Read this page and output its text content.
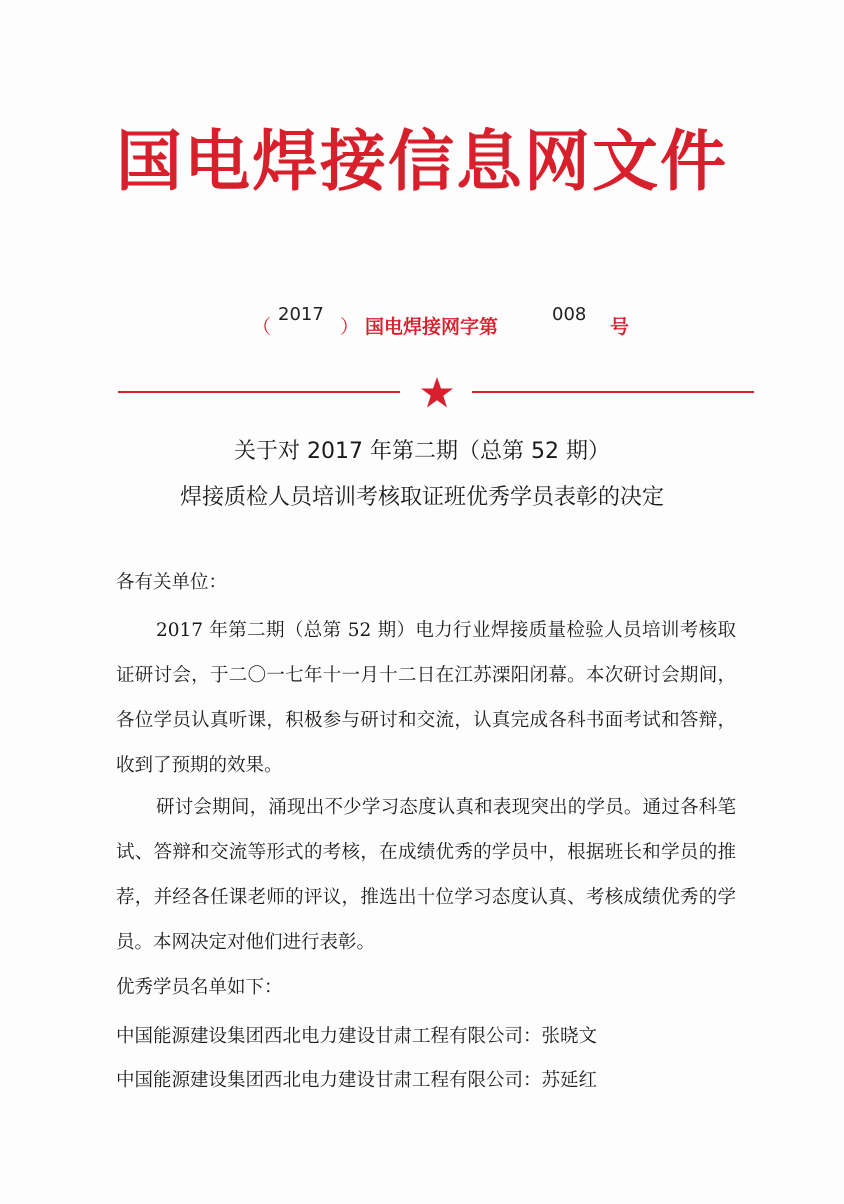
国电焊接信息网文件
（
2017
） 国电焊接网字第
008
号
关于对 2017 年第二期（总第 52 期）
焊接质检人员培训考核取证班优秀学员表彰的决定
各有关单位：
2017 年第二期（总第 52 期）电力行业焊接质量检验人员培训考核取证研讨会，于二〇一七年十一月十二日在江苏溧阳闭幕。本次研讨会期间，各位学员认真听课，积极参与研讨和交流，认真完成各科书面考试和答辩，收到了预期的效果。
研讨会期间，涌现出不少学习态度认真和表现突出的学员。通过各科笔试、答辩和交流等形式的考核，在成绩优秀的学员中，根据班长和学员的推荐，并经各任课老师的评议，推选出十位学习态度认真、考核成绩优秀的学员。本网决定对他们进行表彰。
优秀学员名单如下：
中国能源建设集团西北电力建设甘肃工程有限公司：张晓文
中国能源建设集团西北电力建设甘肃工程有限公司：苏延红
